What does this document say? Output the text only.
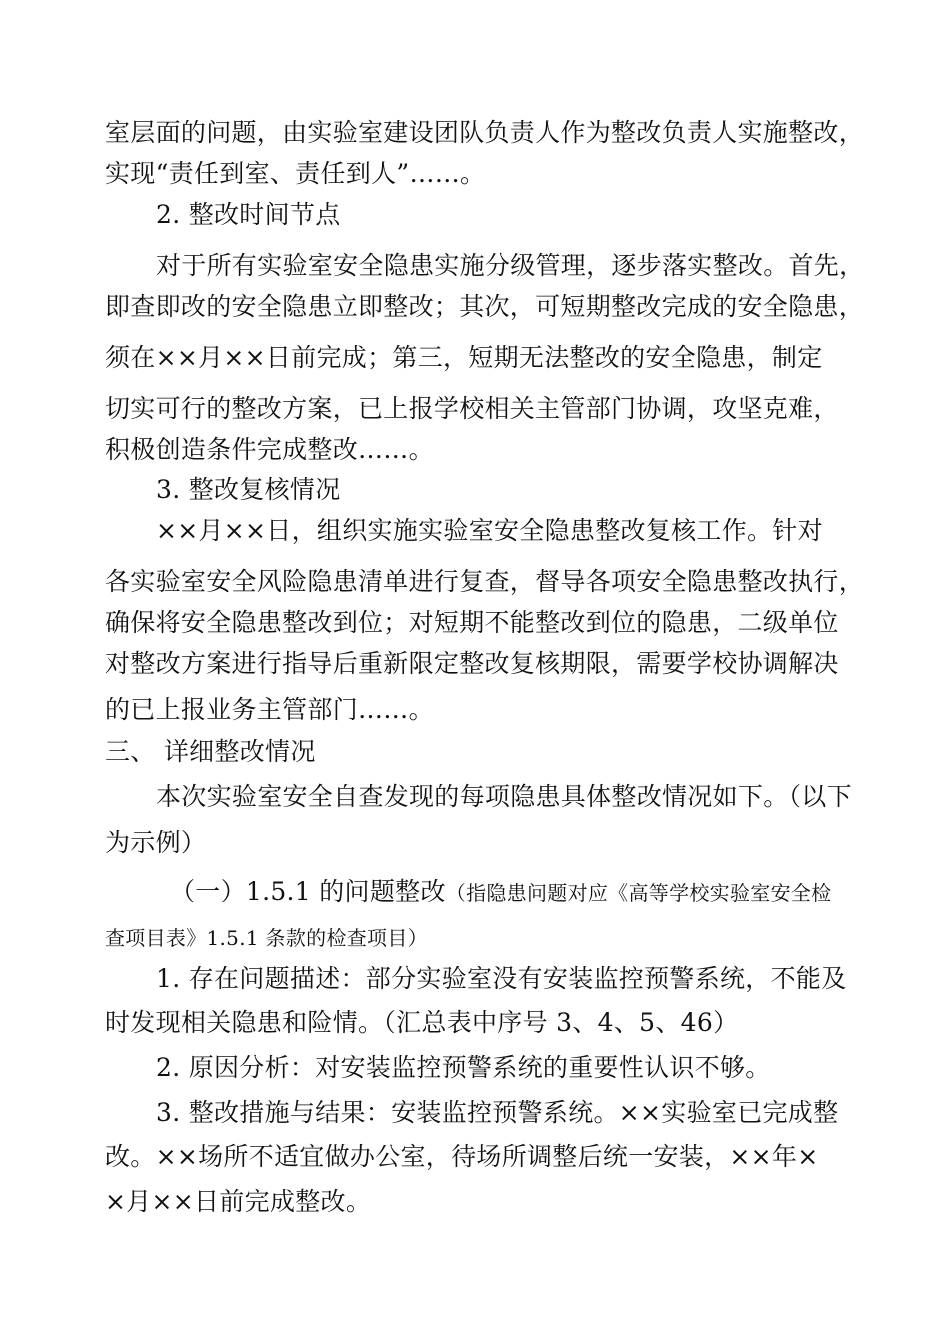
室层面的问题，由实验室建设团队负责人作为整改负责人实施整改，
实现“责任到室、责任到人”……。
2. 整改时间节点
对于所有实验室安全隐患实施分级管理，逐步落实整改。首先，
即查即改的安全隐患立即整改；其次，可短期整改完成的安全隐患，
须在××月××日前完成；第三，短期无法整改的安全隐患，制定
切实可行的整改方案，已上报学校相关主管部门协调，攻坚克难，
积极创造条件完成整改……。
3. 整改复核情况
××月××日，组织实施实验室安全隐患整改复核工作。针对
各实验室安全风险隐患清单进行复查，督导各项安全隐患整改执行，
确保将安全隐患整改到位；对短期不能整改到位的隐患，二级单位
对整改方案进行指导后重新限定整改复核期限，需要学校协调解决
的已上报业务主管部门……。
三、 详细整改情况
本次实验室安全自查发现的每项隐患具体整改情况如下。（以下
为示例）
（一）1.5.1 的问题整改（指隐患问题对应《高等学校实验室安全检
查项目表》1.5.1 条款的检查项目）
1. 存在问题描述：部分实验室没有安装监控预警系统，不能及
时发现相关隐患和险情。（汇总表中序号 3、4、5、46）
2. 原因分析：对安装监控预警系统的重要性认识不够。
3. 整改措施与结果：安装监控预警系统。××实验室已完成整
改。××场所不适宜做办公室，待场所调整后统一安装，××年×
×月××日前完成整改。
